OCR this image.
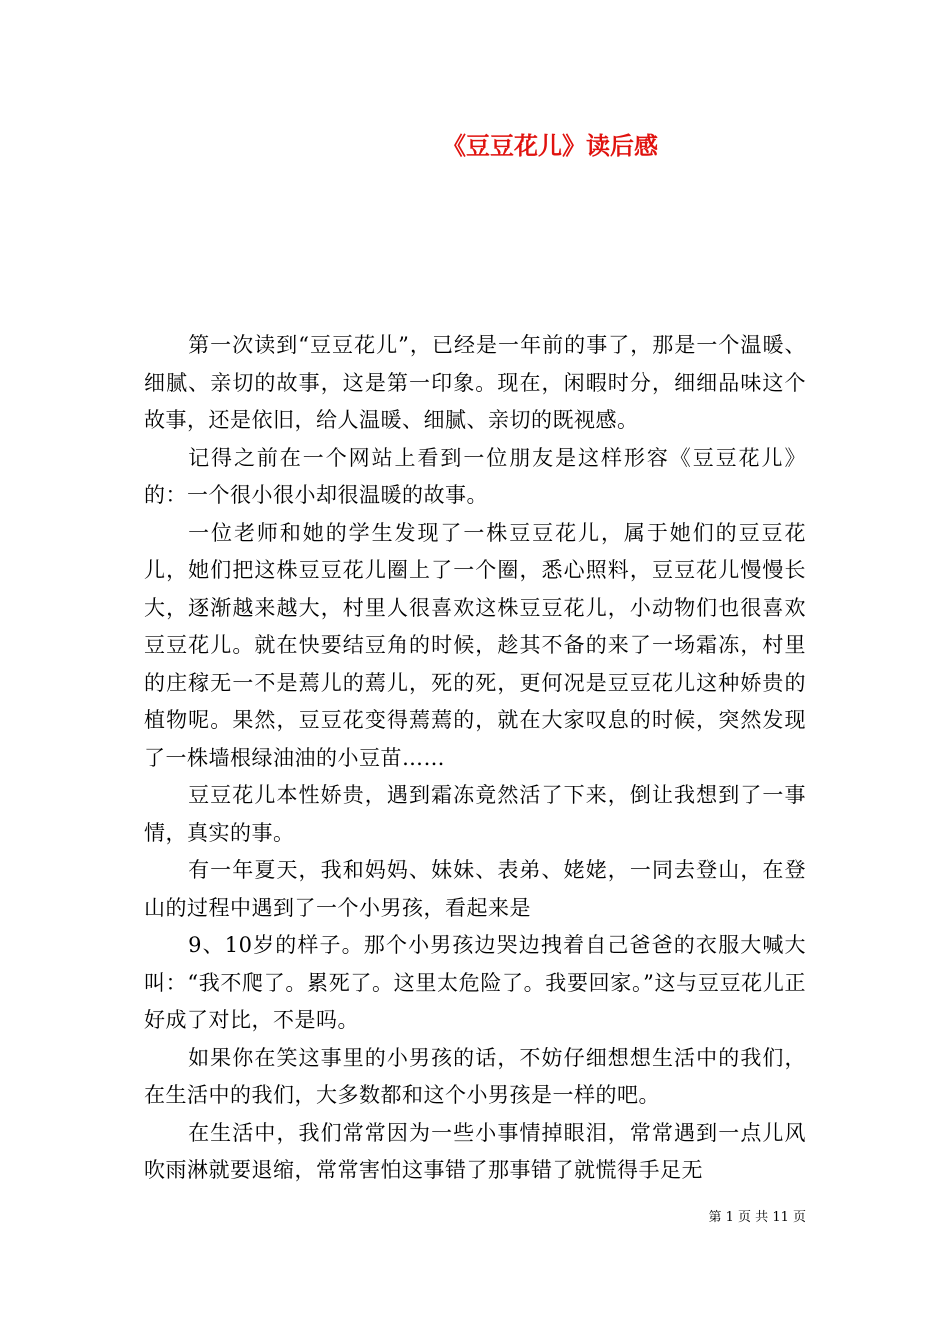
《豆豆花儿》读后感

第一次读到“豆豆花儿”，已经是一年前的事了，那是一个温暖、细腻、亲切的故事，这是第一印象。现在，闲暇时分，细细品味这个故事，还是依旧，给人温暖、细腻、亲切的既视感。

记得之前在一个网站上看到一位朋友是这样形容《豆豆花儿》的：一个很小很小却很温暖的故事。

一位老师和她的学生发现了一株豆豆花儿，属于她们的豆豆花儿，她们把这株豆豆花儿圈上了一个圈，悉心照料，豆豆花儿慢慢长大，逐渐越来越大，村里人很喜欢这株豆豆花儿，小动物们也很喜欢豆豆花儿。就在快要结豆角的时候，趁其不备的来了一场霜冻，村里的庄稼无一不是蔫儿的蔫儿，死的死，更何况是豆豆花儿这种娇贵的植物呢。果然，豆豆花变得蔫蔫的，就在大家叹息的时候，突然发现了一株墙根绿油油的小豆苗……

豆豆花儿本性娇贵，遇到霜冻竟然活了下来，倒让我想到了一事情，真实的事。

有一年夏天，我和妈妈、妹妹、表弟、姥姥，一同去登山，在登山的过程中遇到了一个小男孩，看起来是

9、10岁的样子。那个小男孩边哭边拽着自己爸爸的衣服大喊大叫：“我不爬了。累死了。这里太危险了。我要回家。”这与豆豆花儿正好成了对比，不是吗。

如果你在笑这事里的小男孩的话，不妨仔细想想生活中的我们，在生活中的我们，大多数都和这个小男孩是一样的吧。

在生活中，我们常常因为一些小事情掉眼泪，常常遇到一点儿风吹雨淋就要退缩，常常害怕这事错了那事错了就慌得手足无

第 1 页 共 11 页
